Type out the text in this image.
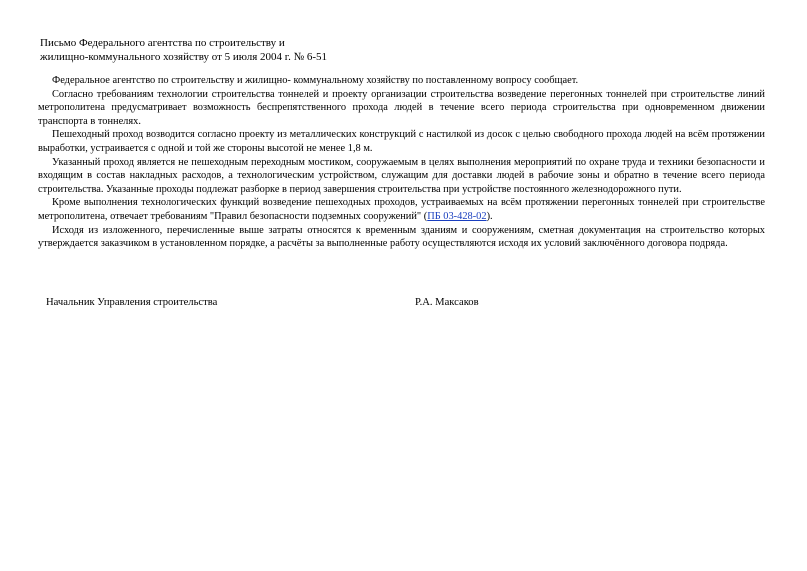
Письмо Федерального агентства по строительству и
жилищно-коммунального хозяйству от 5 июля 2004 г. № 6-51

Федеральное агентство по строительству и жилищно- коммунальному хозяйству по поставленному вопросу сообщает.

Согласно требованиям технологии строительства тоннелей и проекту организации строительства возведение перегонных тоннелей при строительстве линий метрополитена предусматривает возможность беспрепятственного прохода людей в течение всего периода строительства при одновременном движении транспорта в тоннелях.

Пешеходный проход возводится согласно проекту из металлических конструкций с настилкой из досок с целью свободного прохода людей на всём протяжении выработки, устраивается с одной и той же стороны высотой не менее 1,8 м.

Указанный проход является не пешеходным переходным мостиком, сооружаемым в целях выполнения мероприятий по охране труда и техники безопасности и входящим в состав накладных расходов, а технологическим устройством, служащим для доставки людей в рабочие зоны и обратно в течение всего периода строительства. Указанные проходы подлежат разборке в период завершения строительства при устройстве постоянного железнодорожного пути.

Кроме выполнения технологических функций возведение пешеходных проходов, устраиваемых на всём протяжении перегонных тоннелей при строительстве метрополитена, отвечает требованиям "Правил безопасности подземных сооружений" (ПБ 03-428-02).

Исходя из изложенного, перечисленные выше затраты относятся к временным зданиям и сооружениям, сметная документация на строительство которых утверждается заказчиком в установленном порядке, а расчёты за выполненные работу осуществляются исходя их условий заключённого договора подряда.

Начальник Управления строительства	Р.А. Максаков
